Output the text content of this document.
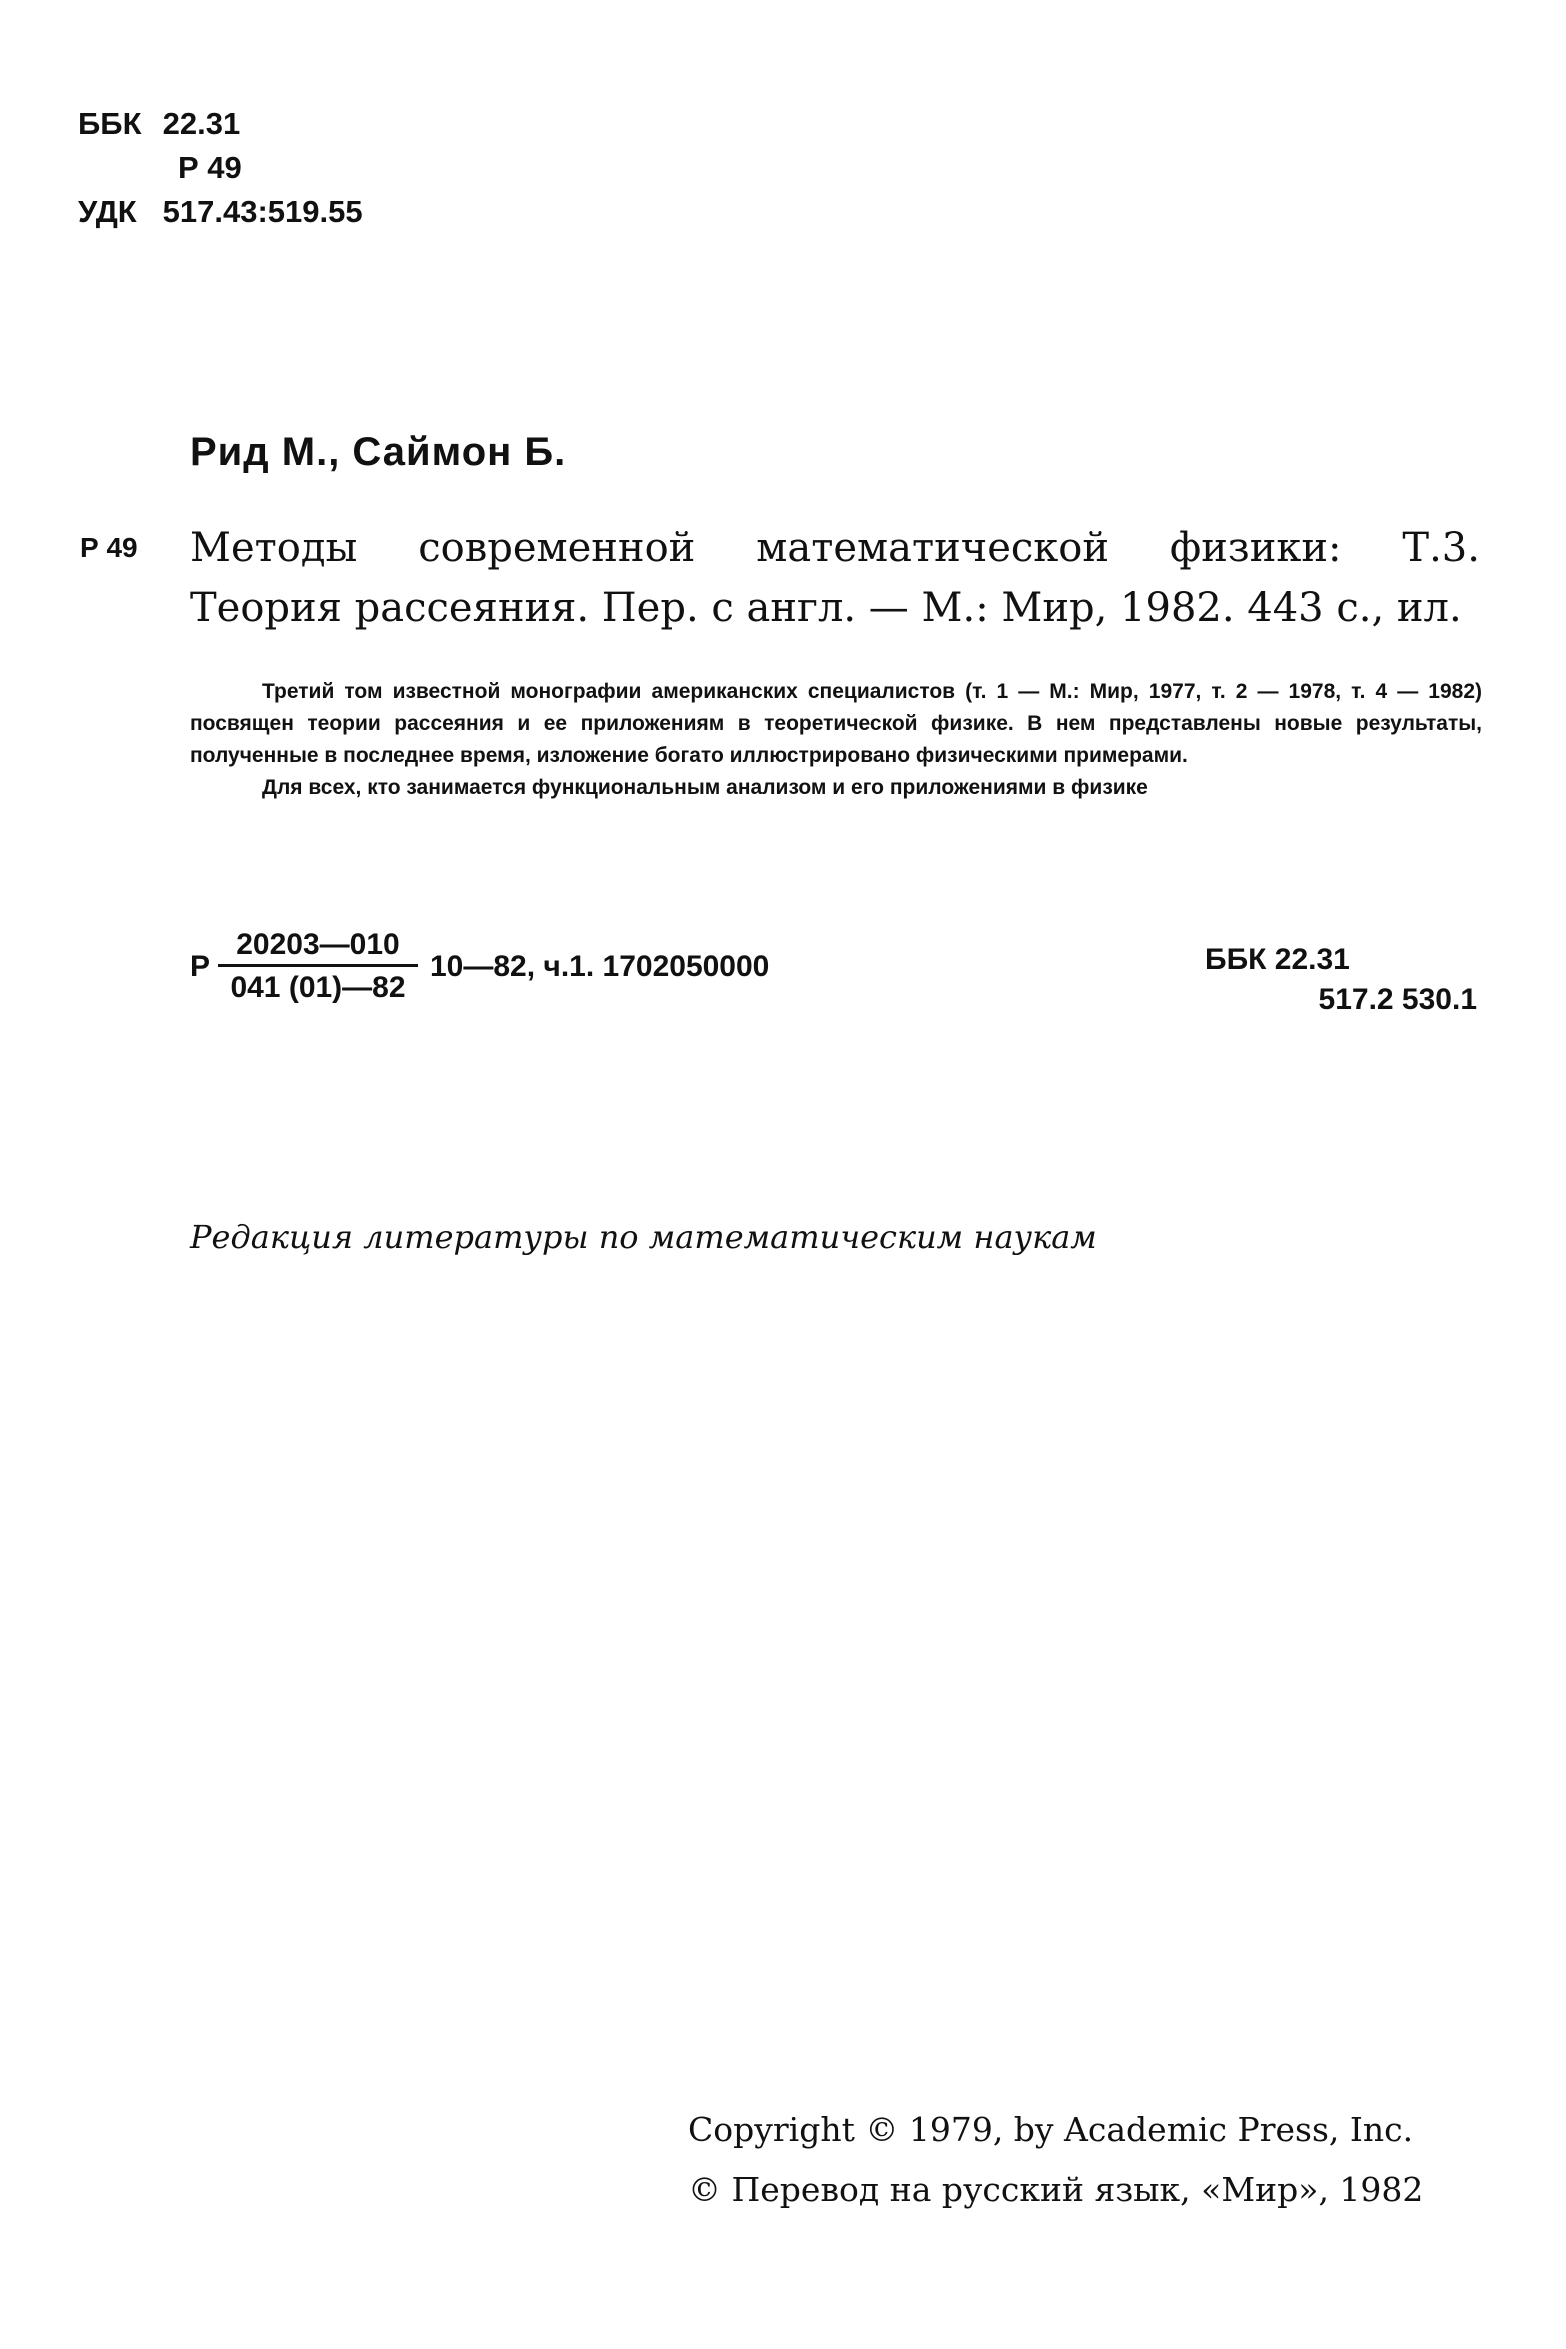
ББК 22.31
Р 49
УДК 517.43:519.55
Рид М., Саймон Б.
Р 49 Методы современной математической физики: Т.3.
Теория рассеяния. Пер. с англ. — М.: Мир, 1982. 443 с., ил.

Третий том известной монографии американских специалистов (т. 1 — М.: Мир, 1977, т. 2 — 1978, т. 4 — 1982) посвящен теории рассеяния и ее приложениям в теоретической физике. В нем представлены новые результаты, полученные в последнее время, изложение богато иллюстрировано физическими примерами.

Для всех, кто занимается функциональным анализом и его приложениями в физике

Р $\frac{20203—010}{041 (01)—82}$ 10—82, ч.1. 1702050000	ББК 22.31
517.2 530.1
Редакция литературы по математическим наукам
Copyright © 1979, by Academic Press, Inc.
© Перевод на русский язык, «Мир», 1982
